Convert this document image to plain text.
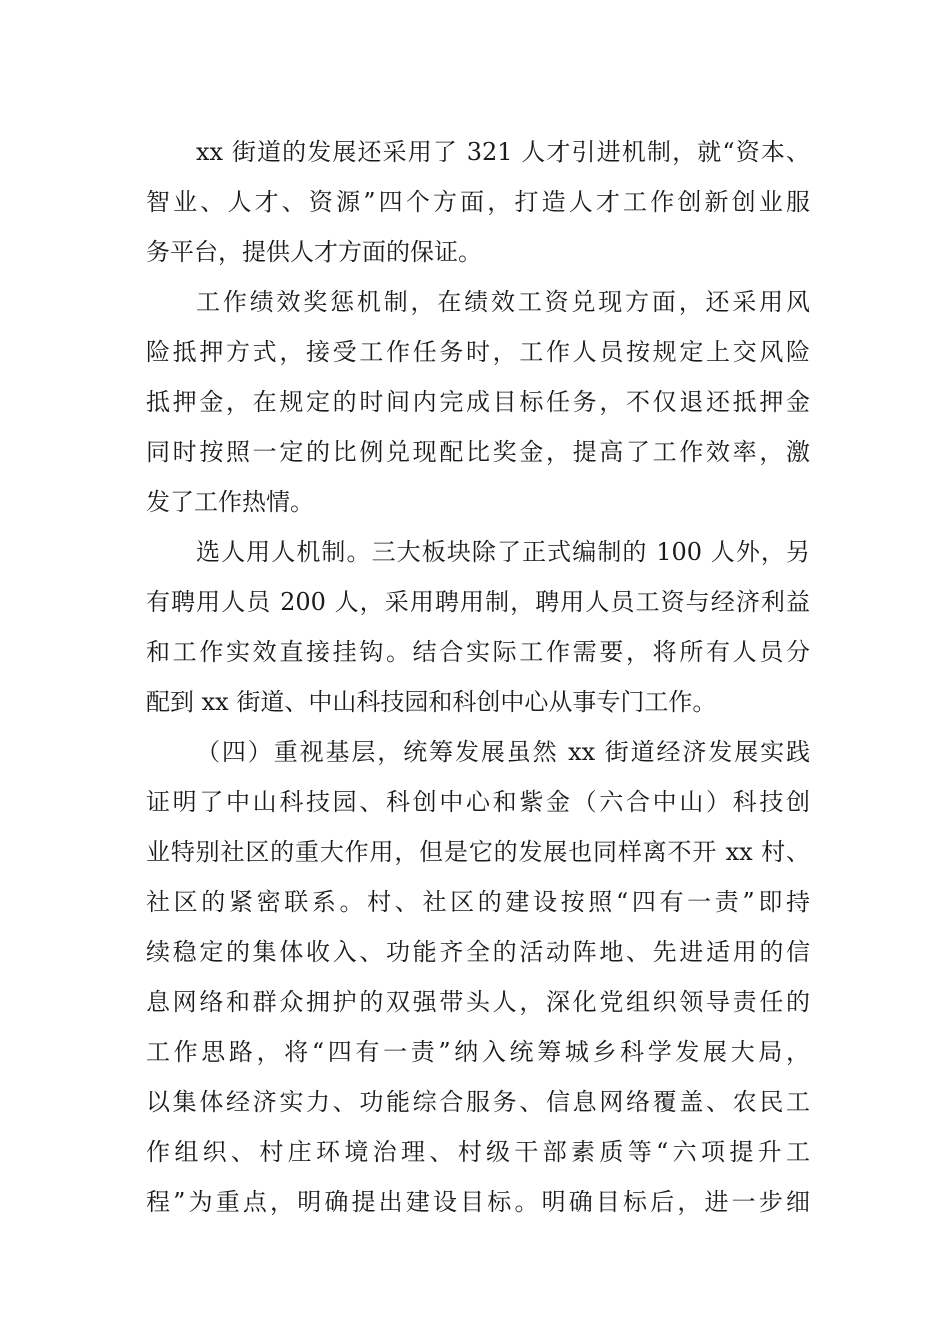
xx 街道的发展还采用了 321 人才引进机制，就“资本、
智业、人才、资源”四个方面，打造人才工作创新创业服
务平台，提供人才方面的保证。
工作绩效奖惩机制，在绩效工资兑现方面，还采用风
险抵押方式，接受工作任务时，工作人员按规定上交风险
抵押金，在规定的时间内完成目标任务，不仅退还抵押金
同时按照一定的比例兑现配比奖金，提高了工作效率，激
发了工作热情。
选人用人机制。三大板块除了正式编制的 100 人外，另
有聘用人员 200 人，采用聘用制，聘用人员工资与经济利益
和工作实效直接挂钩。结合实际工作需要，将所有人员分
配到 xx 街道、中山科技园和科创中心从事专门工作。
（四）重视基层，统筹发展虽然 xx 街道经济发展实践
证明了中山科技园、科创中心和紫金（六合中山）科技创
业特别社区的重大作用，但是它的发展也同样离不开 xx 村、
社区的紧密联系。村、社区的建设按照“四有一责”即持
续稳定的集体收入、功能齐全的活动阵地、先进适用的信
息网络和群众拥护的双强带头人，深化党组织领导责任的
工作思路，将“四有一责”纳入统筹城乡科学发展大局，
以集体经济实力、功能综合服务、信息网络覆盖、农民工
作组织、村庄环境治理、村级干部素质等“六项提升工
程”为重点，明确提出建设目标。明确目标后，进一步细
